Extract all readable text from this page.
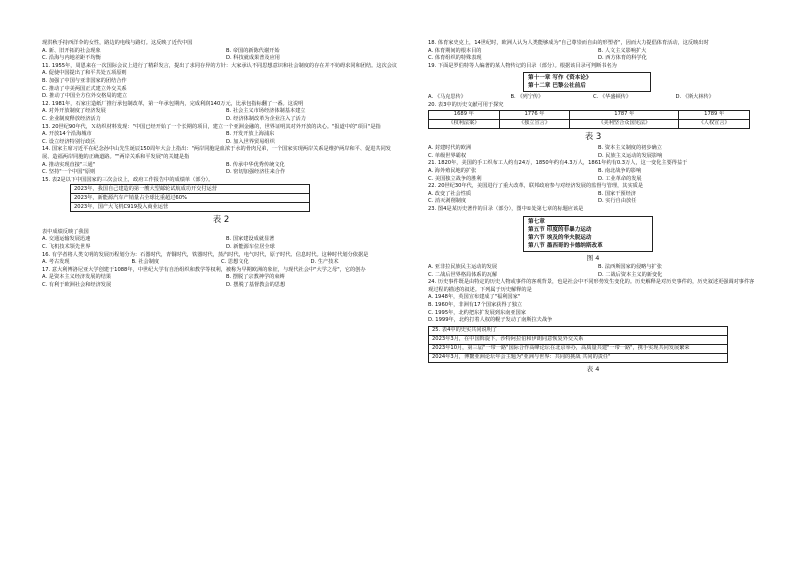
现洪秋手持西洋伞的女性，路边的电线与路灯。这反映了近代中国

A. 新、旧开拓的社会现象	B. 帝国的新陈代谢开始
C. 沿海与内地差距不均衡	D. 科技就成果普及应用

11. 1955年，周恩来在一次国际会议上进行了精彩发言，提出了求同存异的方针：大家承认不同思想意识和社会制度的存在并不妨碍求同和团结。这次会议

A. 促使中国提出了和平共处五项原则
B. 加强了中国与亚非国家的团结合作
C. 推动了中美两国正式建立外交关系
D. 推动了中国全方位外交格局的建立

12. 1981年，石家庄造纸厂推行承包制改革，第一年承包期内，完成利润140万元，比承包指标翻了一番。这说明

A. 对外开放制度了经济发展	B. 社会主义市场经济体制基本建立
C. 企业制度释放经济活力	D. 经济体制改革为企业注入了活力

13. 20世纪90年代，Ｘ纺织材料发现："中国已经开始了一个长期的项目，建立一个亚洲金融的，世界证明其对外开放的决心。"报道中的"项目"是指

A. 开放14个沿海城市	B. 开发开放上海浦东
C. 设立经济特别行政区	D. 加入世界贸易组织

14. 国家主席习近平在纪念孙中山先生诞辰150周年大会上指出："两岸同胞是血浓于水的骨肉兄弟，一个国家实现两岸关系是维护两岸和平、促进共同发展、造福两岸同胞的正确道路。""两岸关系和平发展"的关键是指

A. 推动实现直接"三通"	B. 传承中华优秀传统文化
C. 坚持"一个中国"原则	D. 密切加强经济往来合作

15. 表2是以下中国国家的三次会议上，政府工作报告中的成绩单（部分）。

2023年，我国自己建造的第一艘大型邮轮试航成功开交付运营
2023年，新能源汽车产销量占全球比重超过60%
2023年，国产大飞机C919投入商业运营
表 2

表中成绩反映了我国

A. 交通运输发展迅速	B. 国家建设成就显著
C. 飞机技术领先世界	D. 新能源车位居全球

16. 有学者将人类文明的发展历程划分为：石器时代，青铜时代，铁器时代，蒸汽时代，电气时代，原子时代、信息时代。这种时代划分依据是

A. 考古发现	B. 社会制度	C. 思想文化	D. 生产技术

17. 意大利博洛尼亚大学创建于1088年，中世纪大学有自治组织和教学等权利，被称为早期欧洲的象征，与现代社会中"大学之母"，它的创办

A. 是资本主义经济发展的结果	B. 摆脱了宗教神学的束缚
C. 有利于欧洲社会和经济发展	D. 摆脱了基督教会的思想

18. 体育家史克上，14世纪时，欧洲人认为人类能够成为"自己尊崇而自由的形塑者"，因而大力提倡体育活动，这反映出时

A. 体育期间的根本目的	B. 人文主义影响扩大
C. 体育组织的特殊表现	D. 西方体育的科学化

19. 下面是罗伯特等人编著的某人物传记的目录（部分）。根据该目录可判断书名为

第十一章 写作《资本论》
第十二章 巴黎公社前后
A. 《马克思传》	B. 《列宁传》	C. 《华盛顿传》	D. 《斯大林传》

20. 表3中的历史文献可用于探究

1689 年	1776 年	1787 年	1789 年
《权利法案》	《独立宣言》	《美利坚合众国宪法》	《人权宣言》
表 3
A. 封建时代的欧洲	B. 资本主义制度的初步确立
C. 单级世界霸权	D. 民族主义运动的发展影响

21. 1820年，美国的手工织布工人约有24万，1850年约有4.3万人，1861年约有0.3万人，这一变化主要得益于

A. 海外殖民地的扩张	B. 南北战争的影响
C. 美国独立战争的胜利	D. 工业革命的发展

22. 20世纪30年代，美国进行了重大改革，联邦政府参与对经济发展的监督与管理，其实质是

A. 改变了社会性质	B. 国家干预经济
C. 消灭剥削制度	D. 实行自由放任

23. 图4是某历史著作的目录（部分），图中①处第七章的标题应该是

第七章
第五节 印度的非暴力运动
第六节 埃及的华夫脱运动
第八节 墨西哥的卡德纳斯改革
图 4
A. 亚非拉民族民主运动的发展	B. 法西斯国家的侵略与扩张
C. 二战后世界格局体系的瓦解	D. 二战后资本主义的新变化

24. 历史事件既是由特定的历史人物或事件的客观背景，也是社会中不同形势发生变化的。历史解释是对历史事件的，历史叙述更强调对事件客观过程的描述的叙述。下列属于历史解释的是

A. 1948年，英国宣布建成了"福利国家"
B. 1960年，非洲有17个国家获得了独立
C. 1995年，北约把东扩发展到东南亚国家
D. 1999年，北约打着人权的幌子发动了南斯拉夫战争
25. 表4中的史实共同说明了
2023年3月，在中国斡旋下，沙特阿拉伯和伊朗同意恢复外交关系
2023年10月，第三届"一带一路"国际合作高峰论坛在北京举办，高质量共建"一带一路"，携手实现共同发展繁荣
2024年3月，博鳌亚洲论坛年会主题为"亚洲与世界：共同的挑战 共同的责任"
表 4
